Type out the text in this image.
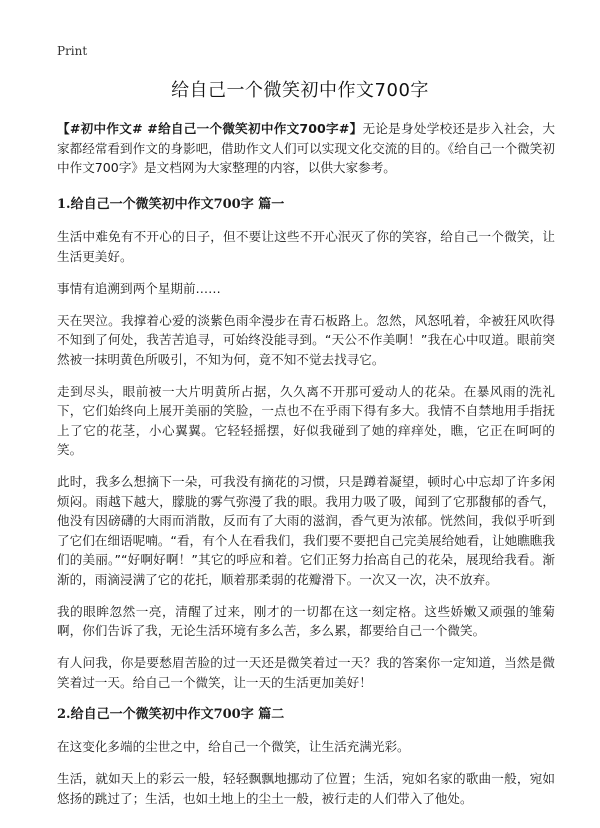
Print
给自己一个微笑初中作文700字

【#初中作文# #给自己一个微笑初中作文700字#】无论是身处学校还是步入社会，大家都经常看到作文的身影吧，借助作文人们可以实现文化交流的目的。《给自己一个微笑初中作文700字》是文档网为大家整理的内容，以供大家参考。

1.给自己一个微笑初中作文700字 篇一

生活中难免有不开心的日子，但不要让这些不开心泯灭了你的笑容，给自己一个微笑，让生活更美好。

事情有追溯到两个星期前……

天在哭泣。我撑着心爱的淡紫色雨伞漫步在青石板路上。忽然，风怒吼着，伞被狂风吹得不知到了何处，我苦苦追寻，可始终没能寻到。“天公不作美啊！”我在心中叹道。眼前突然被一抹明黄色所吸引，不知为何，竟不知不觉去找寻它。

走到尽头，眼前被一大片明黄所占据，久久离不开那可爱动人的花朵。在暴风雨的洗礼下，它们始终向上展开美丽的笑脸，一点也不在乎雨下得有多大。我情不自禁地用手指抚上了它的花茎，小心翼翼。它轻轻摇摆，好似我碰到了她的痒痒处，瞧，它正在呵呵的笑。

此时，我多么想摘下一朵，可我没有摘花的习惯，只是蹲着凝望，顿时心中忘却了许多闲烦闷。雨越下越大，朦胧的雾气弥漫了我的眼。我用力吸了吸，闻到了它那馥郁的香气，他没有因磅礴的大雨而消散，反而有了大雨的滋润，香气更为浓郁。恍然间，我似乎听到了它们在细语呢喃。“看，有个人在看我们，我们要不要把自己完美展给她看，让她瞧瞧我们的美丽。”“好啊好啊！”其它的呼应和着。它们正努力抬高自己的花朵，展现给我看。渐渐的，雨滴浸满了它的花托，顺着那柔弱的花瓣滑下。一次又一次，决不放弃。

我的眼眸忽然一亮，清醒了过来，刚才的一切都在这一刻定格。这些娇嫩又顽强的雏菊啊，你们告诉了我，无论生活环境有多么苦，多么累，都要给自己一个微笑。

有人问我，你是要愁眉苦脸的过一天还是微笑着过一天？我的答案你一定知道，当然是微笑着过一天。给自己一个微笑，让一天的生活更加美好！

2.给自己一个微笑初中作文700字 篇二

在这变化多端的尘世之中，给自己一个微笑，让生活充满光彩。

生活，就如天上的彩云一般，轻轻飘飘地挪动了位置；生活，宛如名家的歌曲一般，宛如悠扬的跳过了；生活，也如土地上的尘土一般，被行走的人们带入了他处。
